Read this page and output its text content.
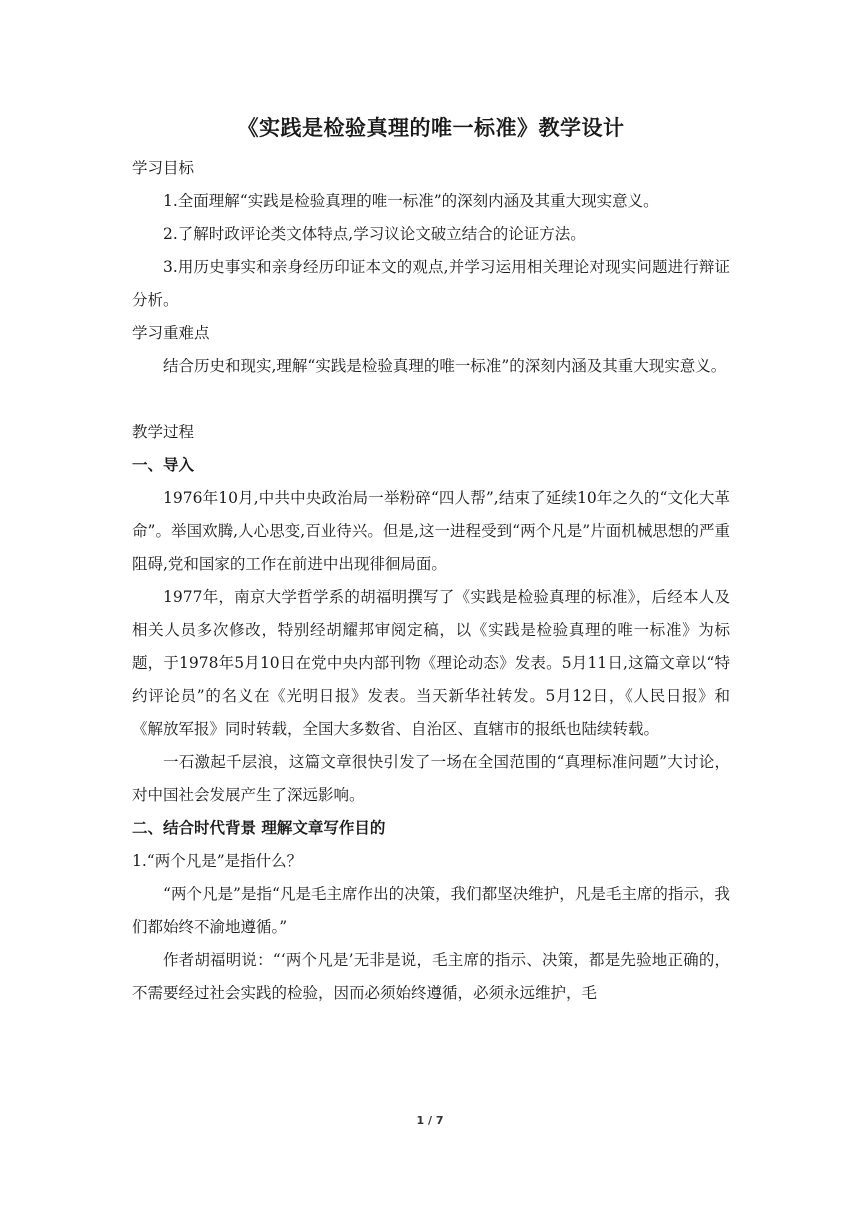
《实践是检验真理的唯一标准》教学设计

学习目标

1.全面理解“实践是检验真理的唯一标准”的深刻内涵及其重大现实意义。

2.了解时政评论类文体特点,学习议论文破立结合的论证方法。

3.用历史事实和亲身经历印证本文的观点,并学习运用相关理论对现实问题进行辩证分析。

学习重难点

结合历史和现实,理解“实践是检验真理的唯一标准”的深刻内涵及其重大现实意义。

教学过程

一、导入

1976年10月,中共中央政治局一举粉碎“四人帮”,结束了延续10年之久的“文化大革命”。举国欢腾,人心思变,百业待兴。但是,这一进程受到“两个凡是”片面机械思想的严重阻碍,党和国家的工作在前进中出现徘徊局面。

1977年，南京大学哲学系的胡福明撰写了《实践是检验真理的标准》，后经本人及相关人员多次修改，特别经胡耀邦审阅定稿，以《实践是检验真理的唯一标准》为标题，于1978年5月10日在党中央内部刊物《理论动态》发表。5月11日,这篇文章以“特约评论员”的名义在《光明日报》发表。当天新华社转发。5月12日，《人民日报》和《解放军报》同时转载，全国大多数省、自治区、直辖市的报纸也陆续转载。

一石激起千层浪，这篇文章很快引发了一场在全国范围的“真理标准问题”大讨论，对中国社会发展产生了深远影响。

二、结合时代背景 理解文章写作目的

1.“两个凡是”是指什么？

“两个凡是”是指“凡是毛主席作出的决策，我们都坚决维护，凡是毛主席的指示，我们都始终不渝地遵循。”

作者胡福明说：“‘两个凡是’无非是说，毛主席的指示、决策，都是先验地正确的，不需要经过社会实践的检验，因而必须始终遵循，必须永远维护，毛

1 / 7
